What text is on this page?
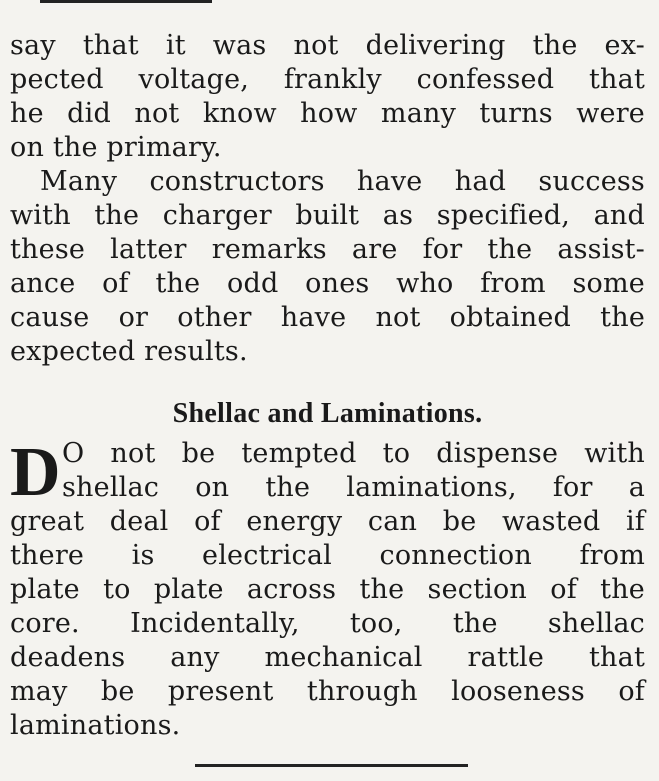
say that it was not delivering the ex-
pected voltage, frankly confessed that
he did not know how many turns were
on the primary.
Many constructors have had success
with the charger built as specified, and
these latter remarks are for the assist-
ance of the odd ones who from some
cause or other have not obtained the
expected results.
Shellac and Laminations.
D O not be tempted to dispense with
shellac on the laminations, for a
great deal of energy can be wasted if
there is electrical connection from
plate to plate across the section of the
core. Incidentally, too, the shellac
deadens any mechanical rattle that
may be present through looseness of
laminations.
